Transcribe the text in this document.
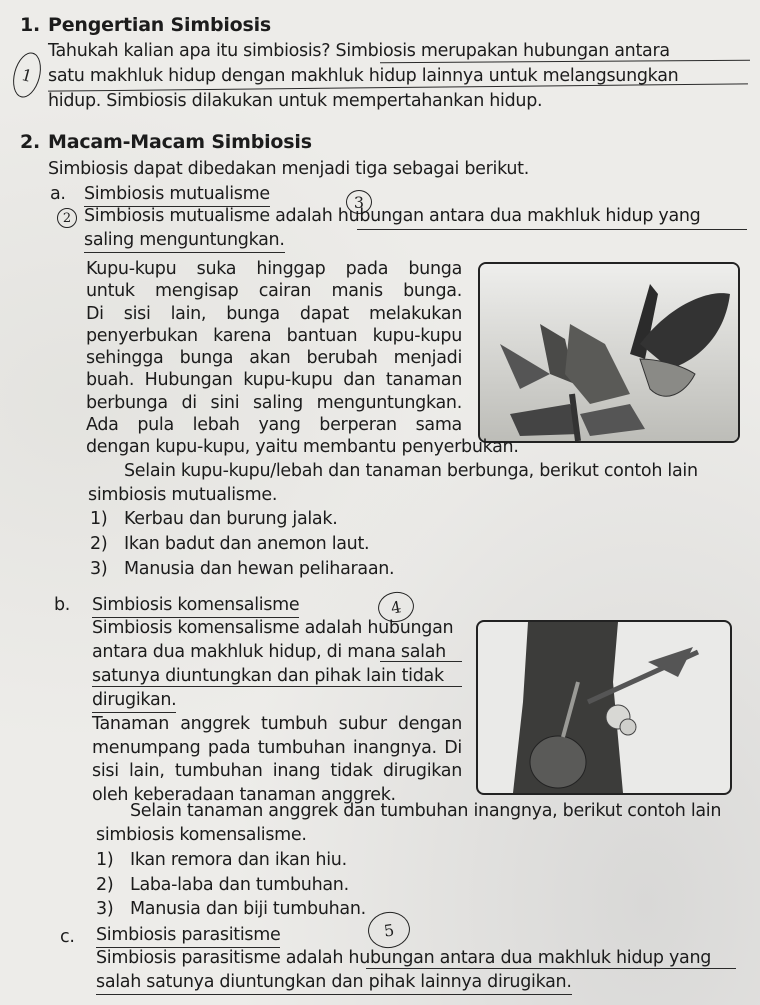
1. Pengertian Simbiosis
Tahukah kalian apa itu simbiosis? Simbiosis merupakan hubungan antara
satu makhluk hidup dengan makhluk hidup lainnya untuk melangsungkan
hidup. Simbiosis dilakukan untuk mempertahankan hidup.
1
2. Macam-Macam Simbiosis
Simbiosis dapat dibedakan menjadi tiga sebagai berikut.
a. Simbiosis mutualisme	3
2 Simbiosis mutualisme adalah hubungan antara dua makhluk hidup yang
saling menguntungkan.
Kupu-kupu suka hinggap pada bunga
untuk mengisap cairan manis bunga.
Di sisi lain, bunga dapat melakukan
penyerbukan karena bantuan kupu-kupu
sehingga bunga akan berubah menjadi
buah. Hubungan kupu-kupu dan tanaman
berbunga di sini saling menguntungkan.
Ada pula lebah yang berperan sama
dengan kupu-kupu, yaitu membantu penyerbukan.
Selain kupu-kupu/lebah dan tanaman berbunga, berikut contoh lain
simbiosis mutualisme.
1) Kerbau dan burung jalak.
2) Ikan badut dan anemon laut.
3) Manusia dan hewan peliharaan.
b. Simbiosis komensalisme	4
Simbiosis komensalisme adalah hubungan
antara dua makhluk hidup, di mana salah
satunya diuntungkan dan pihak lain tidak
dirugikan.
Tanaman anggrek tumbuh subur dengan
menumpang pada tumbuhan inangnya. Di
sisi lain, tumbuhan inang tidak dirugikan
oleh keberadaan tanaman anggrek.
Selain tanaman anggrek dan tumbuhan inangnya, berikut contoh lain
simbiosis komensalisme.
1) Ikan remora dan ikan hiu.
2) Laba-laba dan tumbuhan.
3) Manusia dan biji tumbuhan.
c. Simbiosis parasitisme	5
Simbiosis parasitisme adalah hubungan antara dua makhluk hidup yang
salah satunya diuntungkan dan pihak lainnya dirugikan.
